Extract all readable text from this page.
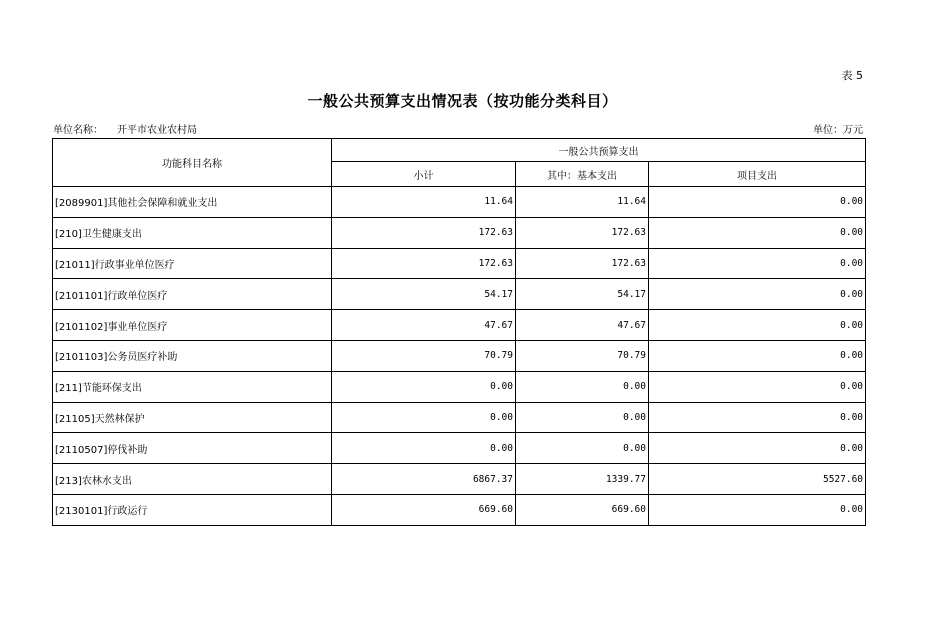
表 5
一般公共预算支出情况表（按功能分类科目）
单位名称： 开平市农业农村局	单位：万元
功能科目名称	一般公共预算支出		
	小计	其中：基本支出	项目支出
[2089901]其他社会保障和就业支出	11.64	11.64	0.00
[210]卫生健康支出	172.63	172.63	0.00
[21011]行政事业单位医疗	172.63	172.63	0.00
[2101101]行政单位医疗	54.17	54.17	0.00
[2101102]事业单位医疗	47.67	47.67	0.00
[2101103]公务员医疗补助	70.79	70.79	0.00
[211]节能环保支出	0.00	0.00	0.00
[21105]天然林保护	0.00	0.00	0.00
[2110507]停伐补助	0.00	0.00	0.00
[213]农林水支出	6867.37	1339.77	5527.60
[2130101]行政运行	669.60	669.60	0.00
